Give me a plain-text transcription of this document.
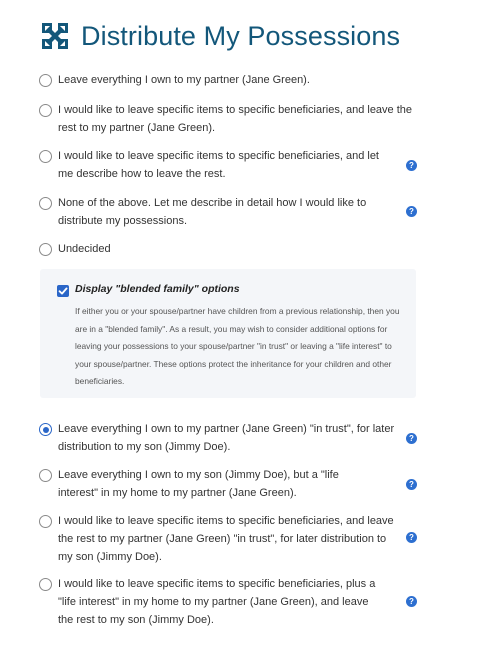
Distribute My Possessions
Leave everything I own to my partner (Jane Green).
I would like to leave specific items to specific beneficiaries, and leave the rest to my partner (Jane Green).
I would like to leave specific items to specific beneficiaries, and let me describe how to leave the rest.
?
None of the above. Let me describe in detail how I would like to distribute my possessions.
?
Undecided
Display "blended family" options
If either you or your spouse/partner have children from a previous relationship, then you are in a "blended family". As a result, you may wish to consider additional options for leaving your possessions to your spouse/partner "in trust" or leaving a "life interest" to your spouse/partner. These options protect the inheritance for your children and other beneficiaries.
Leave everything I own to my partner (Jane Green) "in trust", for later distribution to my son (Jimmy Doe).
?
Leave everything I own to my son (Jimmy Doe), but a "life interest" in my home to my partner (Jane Green).
?
I would like to leave specific items to specific beneficiaries, and leave the rest to my partner (Jane Green) "in trust", for later distribution to my son (Jimmy Doe).
?
I would like to leave specific items to specific beneficiaries, plus a "life interest" in my home to my partner (Jane Green), and leave the rest to my son (Jimmy Doe).
?
